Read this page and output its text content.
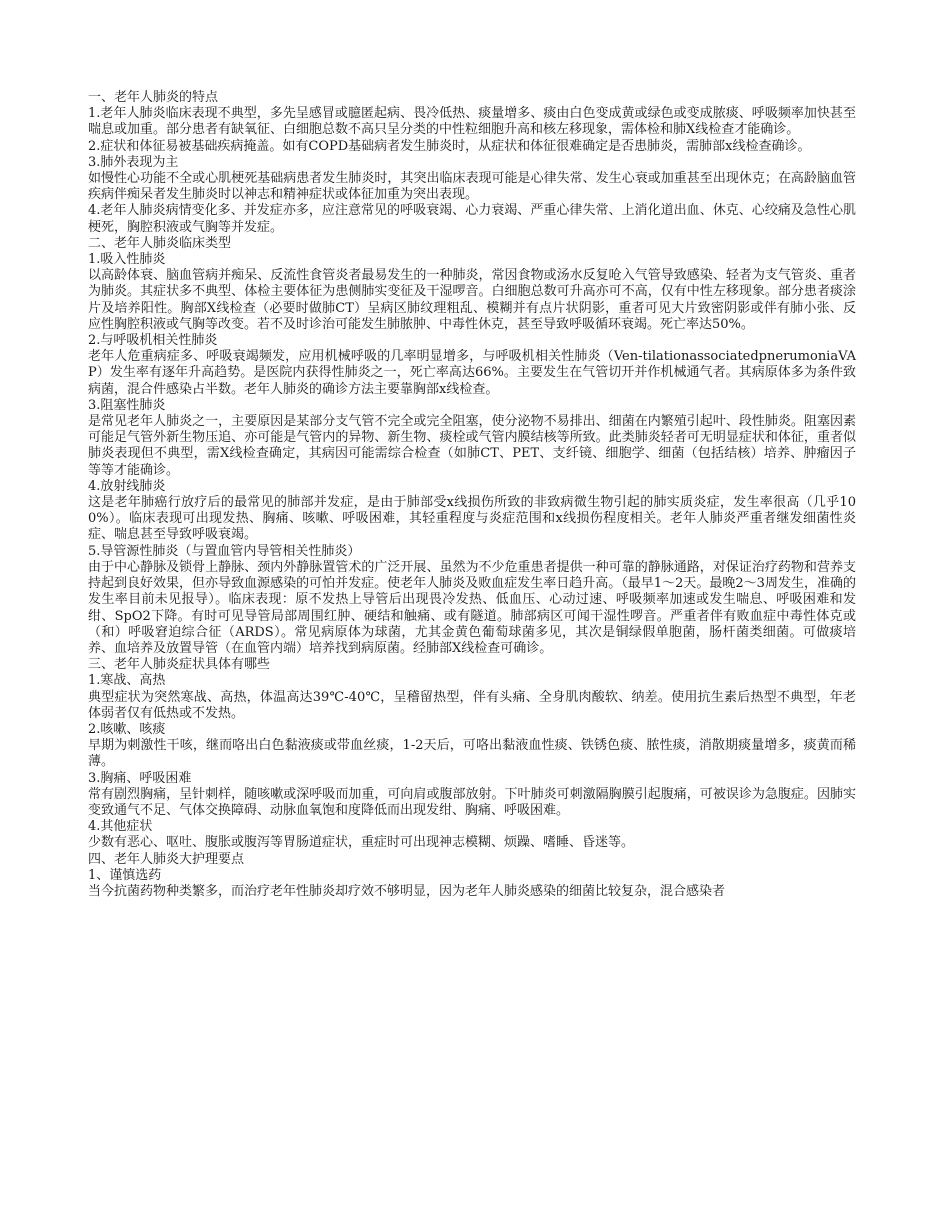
一、老年人肺炎的特点

1.老年人肺炎临床表现不典型，多先呈感冒或臆匿起病、畏冷低热、痰量增多、痰由白色变成黄或绿色或变成脓痰、呼吸频率加快甚至喘息或加重。部分患者有缺氧征、白细胞总数不高只呈分类的中性粒细胞升高和核左移现象，需体检和肺X线检查才能确诊。

2.症状和体征易被基础疾病掩盖。如有COPD基础病者发生肺炎时，从症状和体征很难确定是否患肺炎，需肺部x线检查确诊。

3.肺外表现为主

如慢性心功能不全或心肌梗死基础病患者发生肺炎时，其突出临床表现可能是心律失常、发生心衰或加重甚至出现休克；在高龄脑血管疾病伴痴呆者发生肺炎时以神志和精神症状或体征加重为突出表现。

4.老年人肺炎病情变化多、并发症亦多，应注意常见的呼吸衰竭、心力衰竭、严重心律失常、上消化道出血、休克、心绞痛及急性心肌梗死，胸腔积液或气胸等并发症。

二、老年人肺炎临床类型

1.吸入性肺炎

以高龄体衰、脑血管病并痴呆、反流性食管炎者最易发生的一种肺炎，常因食物或汤水反复呛入气管导致感染、轻者为支气管炎、重者为肺炎。其症状多不典型、体检主要体征为患侧肺实变征及干湿啰音。白细胞总数可升高亦可不高，仅有中性左移现象。部分患者痰涂片及培养阳性。胸部X线检查（必要时做肺CT）呈病区肺纹理粗乱、模糊并有点片状阴影，重者可见大片致密阴影或伴有肺小张、反应性胸腔积液或气胸等改变。若不及时诊治可能发生肺脓肿、中毒性休克，甚至导致呼吸循环衰竭。死亡率达50%。

2.与呼吸机相关性肺炎

老年人危重病症多、呼吸衰竭频发，应用机械呼吸的几率明显增多，与呼吸机相关性肺炎（Ven-tilationassociatedpnerumoniaVAP）发生率有逐年升高趋势。是医院内获得性肺炎之一，死亡率高达66%。主要发生在气管切开并作机械通气者。其病原体多为条件致病菌，混合件感染占半数。老年人肺炎的确诊方法主要靠胸部x线检查。

3.阻塞性肺炎

是常见老年人肺炎之一，主要原因是某部分支气管不完全或完全阻塞，使分泌物不易排出、细菌在内繁殖引起叶、段性肺炎。阻塞因素可能足气管外新生物压追、亦可能是气管内的异物、新生物、痰栓或气管内膜结核等所致。此类肺炎轻者可无明显症状和体征，重者似肺炎表现但不典型，需X线检查确定，其病因可能需综合检查（如肺CT、PET、支纤镜、细胞学、细菌（包括结核）培养、肿瘤因子等等才能确诊。

4.放射线肺炎

这是老年肺癌行放疗后的最常见的肺部并发症，是由于肺部受x线损伤所致的非致病微生物引起的肺实质炎症，发生率很高（几乎100%）。临床表现可出现发热、胸痛、咳嗽、呼吸困难，其轻重程度与炎症范围和x线损伤程度相关。老年人肺炎严重者继发细菌性炎症、喘息甚至导致呼吸衰竭。

5.导管源性肺炎（与置血管内导管相关性肺炎）

由于中心静脉及锁骨上静脉、颈内外静脉置管术的广泛开展、虽然为不少危重患者提供一种可靠的静脉通路，对保证治疗药物和营养支持起到良好效果，但亦导致血源感染的可怕并发症。使老年人肺炎及败血症发生率日趋升高。（最早1～2天。最晚2～3周发生，准确的发生率目前未见报导）。临床表现：原不发热上导管后出现畏冷发热、低血压、心动过速、呼吸频率加速或发生喘息、呼吸困难和发绀、SpO2下降。有时可见导管局部周围红肿、硬结和触痛、或有隧道。肺部病区可闻干湿性啰音。严重者伴有败血症中毒性体克或（和）呼吸窘迫综合征（ARDS）。常见病原体为球菌，尤其金黄色葡萄球菌多见，其次是铜绿假单胞菌，肠杆菌类细菌。可做痰培养、血培养及放置导管（在血管内端）培养找到病原菌。经肺部X线检查可确诊。

三、老年人肺炎症状具体有哪些

1.寒战、高热

典型症状为突然寒战、高热，体温高达39℃-40℃，呈稽留热型，伴有头痛、全身肌肉酸软、纳差。使用抗生素后热型不典型，年老体弱者仅有低热或不发热。

2.咳嗽、咳痰

早期为刺激性干咳，继而咯出白色黏液痰或带血丝痰，1-2天后，可咯出黏液血性痰、铁锈色痰、脓性痰，消散期痰量增多，痰黄而稀薄。

3.胸痛、呼吸困难

常有剧烈胸痛，呈针刺样，随咳嗽或深呼吸而加重，可向肩或腹部放射。下叶肺炎可刺激隔胸膜引起腹痛，可被误诊为急腹症。因肺实变致通气不足、气体交换障碍、动脉血氧饱和度降低而出现发绀、胸痛、呼吸困难。

4.其他症状

少数有恶心、呕吐、腹胀或腹泻等胃肠道症状，重症时可出现神志模糊、烦躁、嗜睡、昏迷等。

四、老年人肺炎大护理要点

1、谨慎选药

当今抗菌药物种类繁多，而治疗老年性肺炎却疗效不够明显，因为老年人肺炎感染的细菌比较复杂，混合感染者
